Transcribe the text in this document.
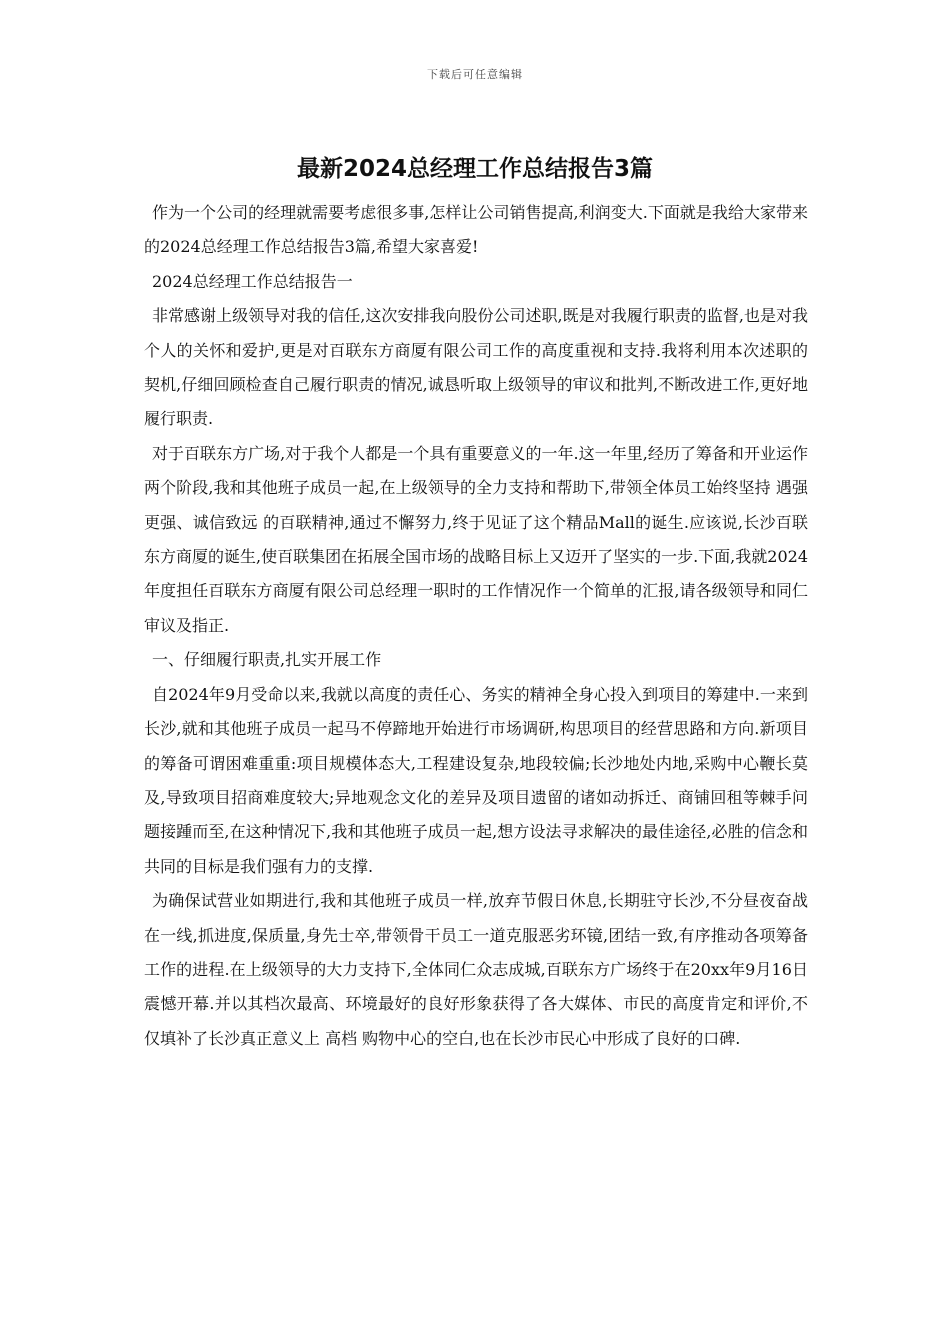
下载后可任意编辑
最新2024总经理工作总结报告3篇

作为一个公司的经理就需要考虑很多事,怎样让公司销售提高,利润变大.下面就是我给大家带来的2024总经理工作总结报告3篇,希望大家喜爱!

2024总经理工作总结报告一

非常感谢上级领导对我的信任,这次安排我向股份公司述职,既是对我履行职责的监督,也是对我个人的关怀和爱护,更是对百联东方商厦有限公司工作的高度重视和支持.我将利用本次述职的契机,仔细回顾检查自己履行职责的情况,诚恳听取上级领导的审议和批判,不断改进工作,更好地履行职责.

对于百联东方广场,对于我个人都是一个具有重要意义的一年.这一年里,经历了筹备和开业运作两个阶段,我和其他班子成员一起,在上级领导的全力支持和帮助下,带领全体员工始终坚持 遇强更强、诚信致远 的百联精神,通过不懈努力,终于见证了这个精品Mall的诞生.应该说,长沙百联东方商厦的诞生,使百联集团在拓展全国市场的战略目标上又迈开了坚实的一步.下面,我就2024年度担任百联东方商厦有限公司总经理一职时的工作情况作一个简单的汇报,请各级领导和同仁审议及指正.

一、仔细履行职责,扎实开展工作

自2024年9月受命以来,我就以高度的责任心、务实的精神全身心投入到项目的筹建中.一来到长沙,就和其他班子成员一起马不停蹄地开始进行市场调研,构思项目的经营思路和方向.新项目的筹备可谓困难重重:项目规模体态大,工程建设复杂,地段较偏;长沙地处内地,采购中心鞭长莫及,导致项目招商难度较大;异地观念文化的差异及项目遗留的诸如动拆迁、商铺回租等棘手问题接踵而至,在这种情况下,我和其他班子成员一起,想方设法寻求解决的最佳途径,必胜的信念和共同的目标是我们强有力的支撑.

为确保试营业如期进行,我和其他班子成员一样,放弃节假日休息,长期驻守长沙,不分昼夜奋战在一线,抓进度,保质量,身先士卒,带领骨干员工一道克服恶劣环镜,团结一致,有序推动各项筹备工作的进程.在上级领导的大力支持下,全体同仁众志成城,百联东方广场终于在20xx年9月16日震憾开幕.并以其档次最高、环境最好的良好形象获得了各大媒体、市民的高度肯定和评价,不仅填补了长沙真正意义上 高档 购物中心的空白,也在长沙市民心中形成了良好的口碑.
